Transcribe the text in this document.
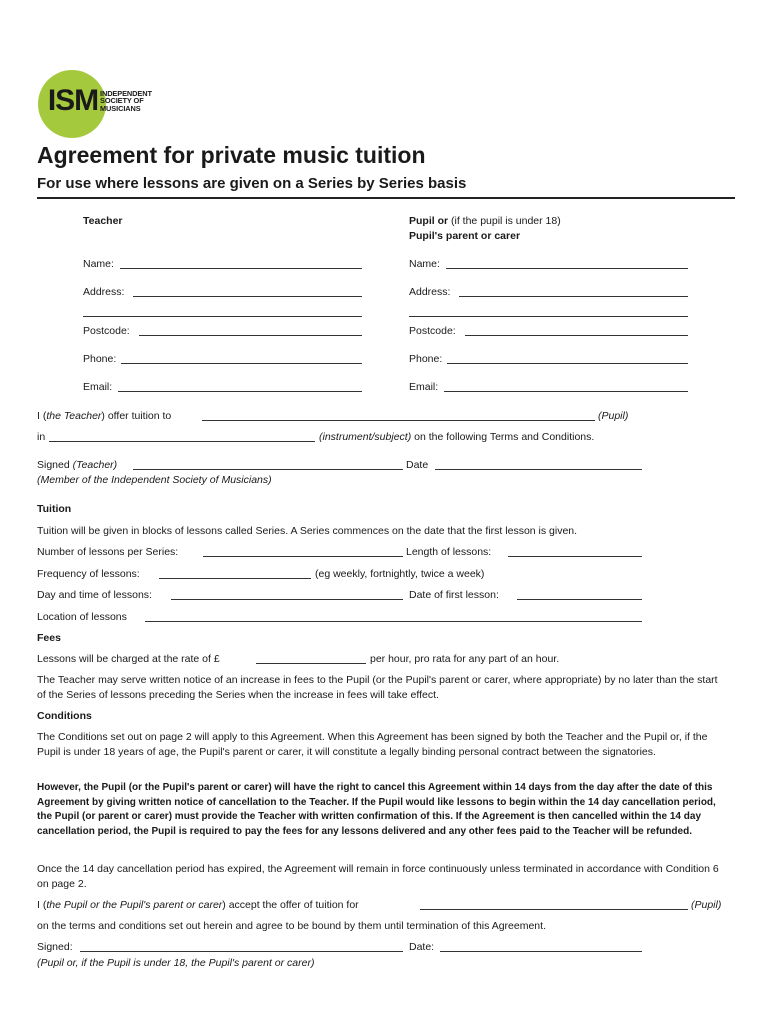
ISM INDEPENDENT
SOCIETY OF
MUSICIANS
Agreement for private music tuition
For use where lessons are given on a Series by Series basis
Teacher
Name:
Address:
Postcode:
Phone:
Email:
Pupil or (if the pupil is under 18)
Pupil's parent or carer
Name:
Address:
Postcode:
Phone:
Email:
I (the Teacher) offer tuition to	(Pupil)
in	(instrument/subject) on the following Terms and Conditions.
Signed (Teacher)	Date
(Member of the Independent Society of Musicians)
Tuition
Tuition will be given in blocks of lessons called Series. A Series commences on the date that the first lesson is given.
Number of lessons per Series:	Length of lessons:
Frequency of lessons:	(eg weekly, fortnightly, twice a week)
Day and time of lessons:	Date of first lesson:
Location of lessons
Fees
Lessons will be charged at the rate of £	per hour, pro rata for any part of an hour.
The Teacher may serve written notice of an increase in fees to the Pupil (or the Pupil's parent or carer, where appropriate) by no later than the start of the Series of lessons preceding the Series when the increase in fees will take effect.
Conditions
The Conditions set out on page 2 will apply to this Agreement. When this Agreement has been signed by both the Teacher and the Pupil or, if the Pupil is under 18 years of age, the Pupil's parent or carer, it will constitute a legally binding personal contract between the signatories.
However, the Pupil (or the Pupil's parent or carer) will have the right to cancel this Agreement within 14 days from the day after the date of this Agreement by giving written notice of cancellation to the Teacher. If the Pupil would like lessons to begin within the 14 day cancellation period, the Pupil (or parent or carer) must provide the Teacher with written confirmation of this. If the Agreement is then cancelled within the 14 day cancellation period, the Pupil is required to pay the fees for any lessons delivered and any other fees paid to the Teacher will be refunded.
Once the 14 day cancellation period has expired, the Agreement will remain in force continuously unless terminated in accordance with Condition 6 on page 2.
I (the Pupil or the Pupil's parent or carer) accept the offer of tuition for	(Pupil)
on the terms and conditions set out herein and agree to be bound by them until termination of this Agreement.
Signed:	Date:
(Pupil or, if the Pupil is under 18, the Pupil's parent or carer)
